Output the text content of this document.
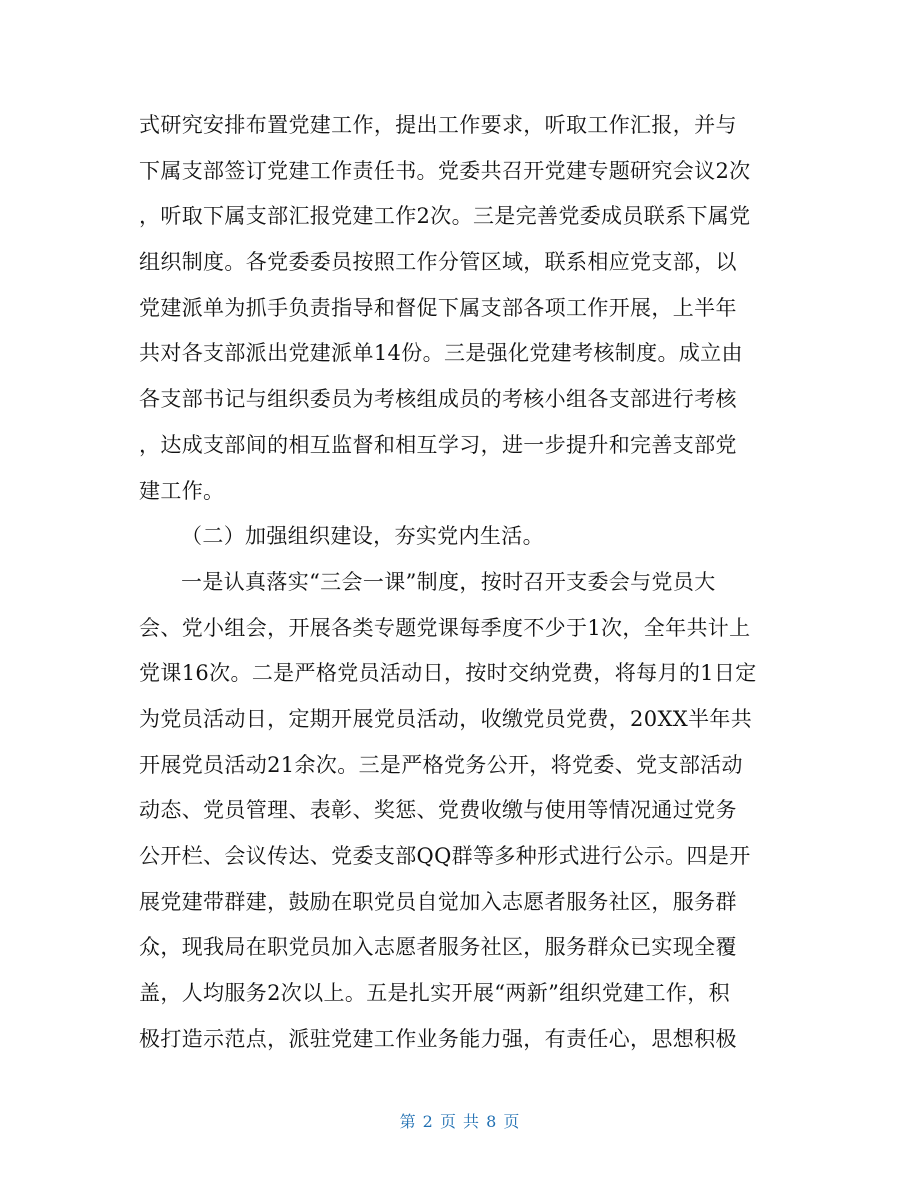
式研究安排布置党建工作，提出工作要求，听取工作汇报，并与
下属支部签订党建工作责任书。党委共召开党建专题研究会议2次
，听取下属支部汇报党建工作2次。三是完善党委成员联系下属党
组织制度。各党委委员按照工作分管区域，联系相应党支部，以
党建派单为抓手负责指导和督促下属支部各项工作开展，上半年
共对各支部派出党建派单14份。三是强化党建考核制度。成立由
各支部书记与组织委员为考核组成员的考核小组各支部进行考核
，达成支部间的相互监督和相互学习，进一步提升和完善支部党
建工作。
（二）加强组织建设，夯实党内生活。
一是认真落实“三会一课”制度，按时召开支委会与党员大
会、党小组会，开展各类专题党课每季度不少于1次，全年共计上
党课16次。二是严格党员活动日，按时交纳党费，将每月的1日定
为党员活动日，定期开展党员活动，收缴党员党费，20XX半年共
开展党员活动21余次。三是严格党务公开，将党委、党支部活动
动态、党员管理、表彰、奖惩、党费收缴与使用等情况通过党务
公开栏、会议传达、党委支部QQ群等多种形式进行公示。四是开
展党建带群建，鼓励在职党员自觉加入志愿者服务社区，服务群
众，现我局在职党员加入志愿者服务社区，服务群众已实现全覆
盖，人均服务2次以上。五是扎实开展“两新”组织党建工作，积
极打造示范点，派驻党建工作业务能力强，有责任心，思想积极
第 2 页 共 8 页
